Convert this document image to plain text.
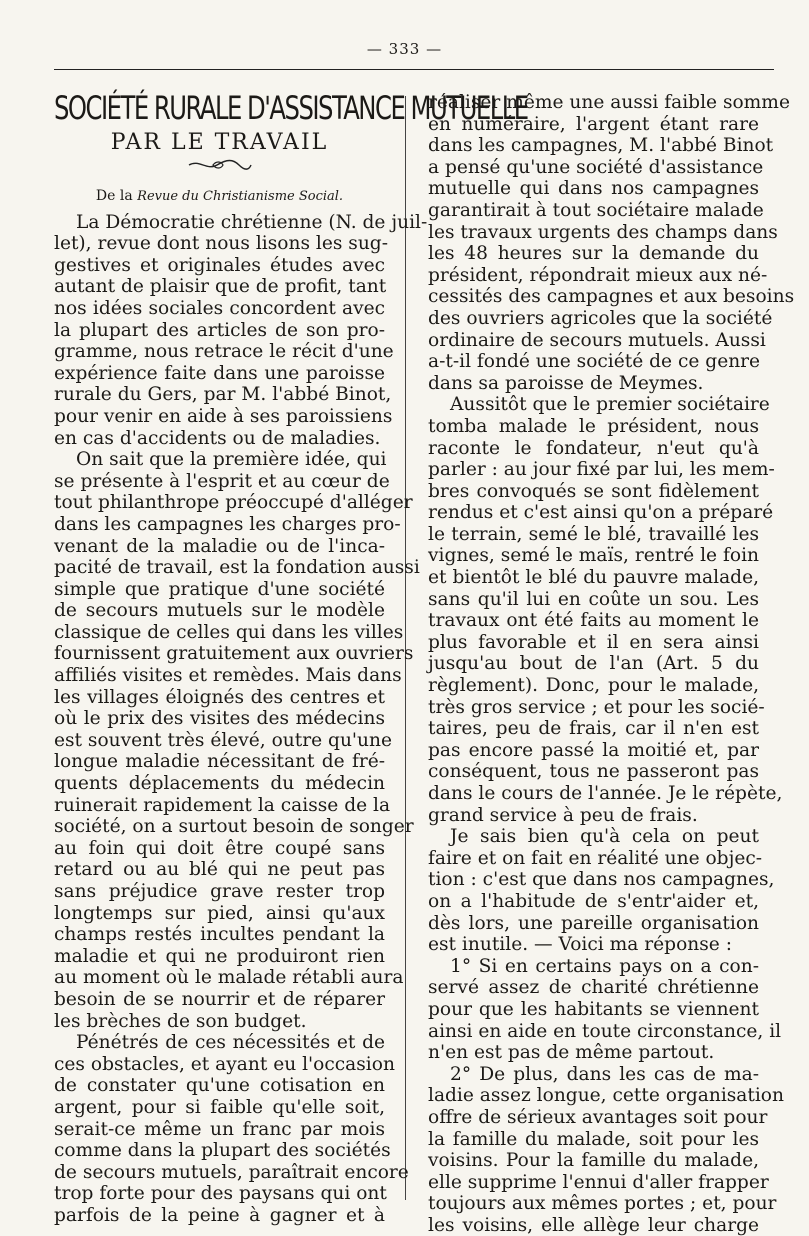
— 333 —
SOCIÉTÉ RURALE D'ASSISTANCE MUTUELLE
PAR LE TRAVAIL
De la Revue du Christianisme Social.
La Démocratie chrétienne (N. de juil-
let), revue dont nous lisons les sug-
gestives et originales études avec
autant de plaisir que de profit, tant
nos idées sociales concordent avec
la plupart des articles de son pro-
gramme, nous retrace le récit d'une
expérience faite dans une paroisse
rurale du Gers, par M. l'abbé Binot,
pour venir en aide à ses paroissiens
en cas d'accidents ou de maladies.
On sait que la première idée, qui
se présente à l'esprit et au cœur de
tout philanthrope préoccupé d'alléger
dans les campagnes les charges pro-
venant de la maladie ou de l'inca-
pacité de travail, est la fondation aussi
simple que pratique d'une société
de secours mutuels sur le modèle
classique de celles qui dans les villes
fournissent gratuitement aux ouvriers
affiliés visites et remèdes. Mais dans
les villages éloignés des centres et
où le prix des visites des médecins
est souvent très élevé, outre qu'une
longue maladie nécessitant de fré-
quents déplacements du médecin
ruinerait rapidement la caisse de la
société, on a surtout besoin de songer
au foin qui doit être coupé sans
retard ou au blé qui ne peut pas
sans préjudice grave rester trop
longtemps sur pied, ainsi qu'aux
champs restés incultes pendant la
maladie et qui ne produiront rien
au moment où le malade rétabli aura
besoin de se nourrir et de réparer
les brèches de son budget.
Pénétrés de ces nécessités et de
ces obstacles, et ayant eu l'occasion
de constater qu'une cotisation en
argent, pour si faible qu'elle soit,
serait-ce même un franc par mois
comme dans la plupart des sociétés
de secours mutuels, paraîtrait encore
trop forte pour des paysans qui ont
parfois de la peine à gagner et à
réaliser même une aussi faible somme
en numéraire, l'argent étant rare
dans les campagnes, M. l'abbé Binot
a pensé qu'une société d'assistance
mutuelle qui dans nos campagnes
garantirait à tout sociétaire malade
les travaux urgents des champs dans
les 48 heures sur la demande du
président, répondrait mieux aux né-
cessités des campagnes et aux besoins
des ouvriers agricoles que la société
ordinaire de secours mutuels. Aussi
a-t-il fondé une société de ce genre
dans sa paroisse de Meymes.
Aussitôt que le premier sociétaire
tomba malade le président, nous
raconte le fondateur, n'eut qu'à
parler : au jour fixé par lui, les mem-
bres convoqués se sont fidèlement
rendus et c'est ainsi qu'on a préparé
le terrain, semé le blé, travaillé les
vignes, semé le maïs, rentré le foin
et bientôt le blé du pauvre malade,
sans qu'il lui en coûte un sou. Les
travaux ont été faits au moment le
plus favorable et il en sera ainsi
jusqu'au bout de l'an (Art. 5 du
règlement). Donc, pour le malade,
très gros service ; et pour les socié-
taires, peu de frais, car il n'en est
pas encore passé la moitié et, par
conséquent, tous ne passeront pas
dans le cours de l'année. Je le répète,
grand service à peu de frais.
Je sais bien qu'à cela on peut
faire et on fait en réalité une objec-
tion : c'est que dans nos campagnes,
on a l'habitude de s'entr'aider et,
dès lors, une pareille organisation
est inutile. — Voici ma réponse :
1° Si en certains pays on a con-
servé assez de charité chrétienne
pour que les habitants se viennent
ainsi en aide en toute circonstance, il
n'en est pas de même partout.
2° De plus, dans les cas de ma-
ladie assez longue, cette organisation
offre de sérieux avantages soit pour
la famille du malade, soit pour les
voisins. Pour la famille du malade,
elle supprime l'ennui d'aller frapper
toujours aux mêmes portes ; et, pour
les voisins, elle allège leur charge
